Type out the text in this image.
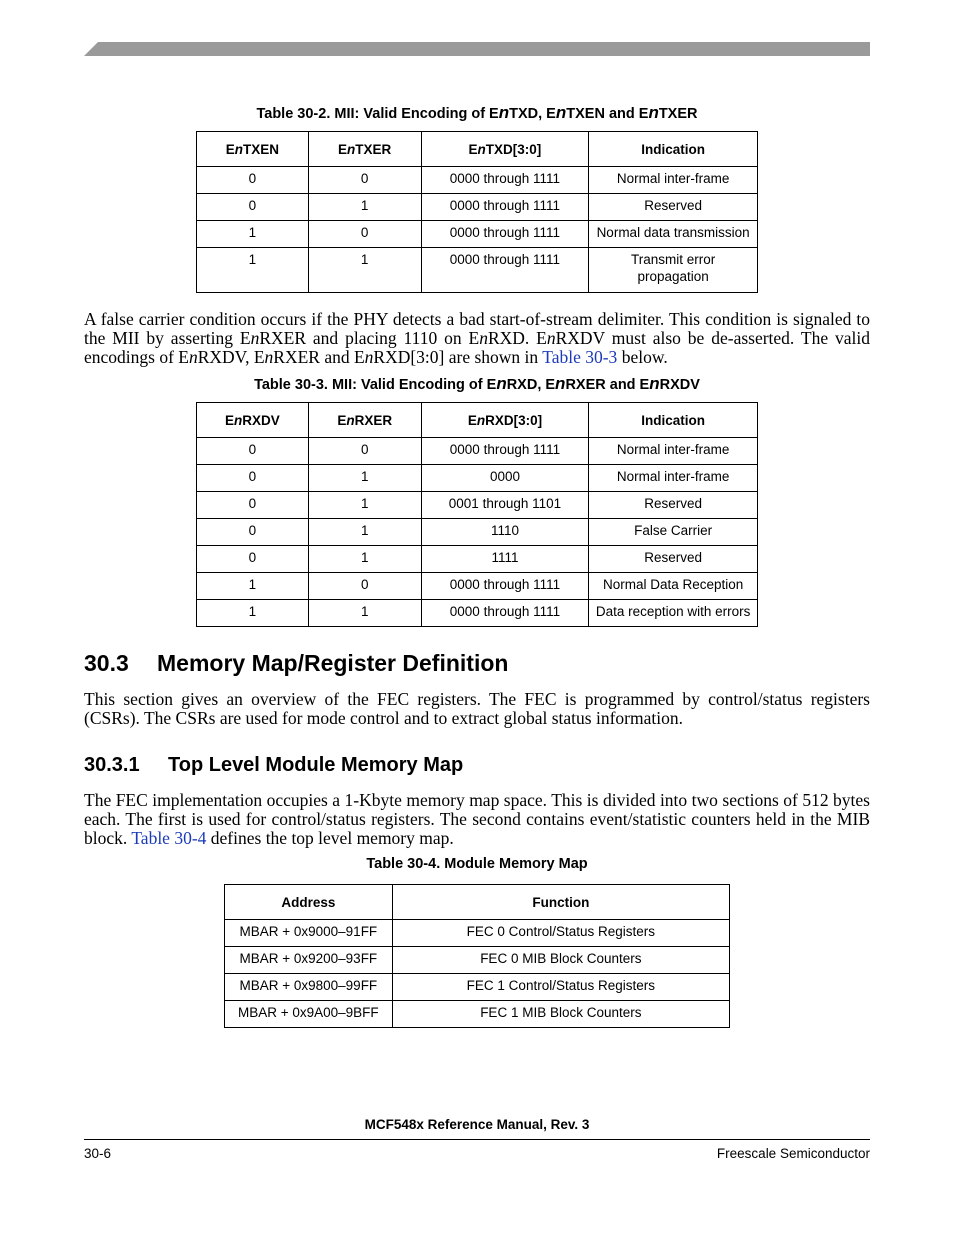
Table 30-2. MII: Valid Encoding of EnTXD, EnTXEN and EnTXER
EnTXEN	EnTXER	EnTXD[3:0]	Indication
0	0	0000 through 1111	Normal inter-frame
0	1	0000 through 1111	Reserved
1	0	0000 through 1111	Normal data transmission
1	1	0000 through 1111	Transmit error propagation
A false carrier condition occurs if the PHY detects a bad start-of-stream delimiter. This condition is signaled to the MII by asserting EnRXER and placing 1110 on EnRXD. EnRXDV must also be de-asserted. The valid encodings of EnRXDV, EnRXER and EnRXD[3:0] are shown in Table 30-3 below.
Table 30-3. MII: Valid Encoding of EnRXD, EnRXER and EnRXDV
EnRXDV	EnRXER	EnRXD[3:0]	Indication
0	0	0000 through 1111	Normal inter-frame
0	1	0000	Normal inter-frame
0	1	0001 through 1101	Reserved
0	1	1110	False Carrier
0	1	1111	Reserved
1	0	0000 through 1111	Normal Data Reception
1	1	0000 through 1111	Data reception with errors
30.3 Memory Map/Register Definition
This section gives an overview of the FEC registers. The FEC is programmed by control/status registers (CSRs). The CSRs are used for mode control and to extract global status information.
30.3.1 Top Level Module Memory Map
The FEC implementation occupies a 1-Kbyte memory map space. This is divided into two sections of 512 bytes each. The first is used for control/status registers. The second contains event/statistic counters held in the MIB block. Table 30-4 defines the top level memory map.
Table 30-4. Module Memory Map
Address	Function
MBAR + 0x9000–91FF	FEC 0 Control/Status Registers
MBAR + 0x9200–93FF	FEC 0 MIB Block Counters
MBAR + 0x9800–99FF	FEC 1 Control/Status Registers
MBAR + 0x9A00–9BFF	FEC 1 MIB Block Counters
MCF548x Reference Manual, Rev. 3
30-6	Freescale Semiconductor
